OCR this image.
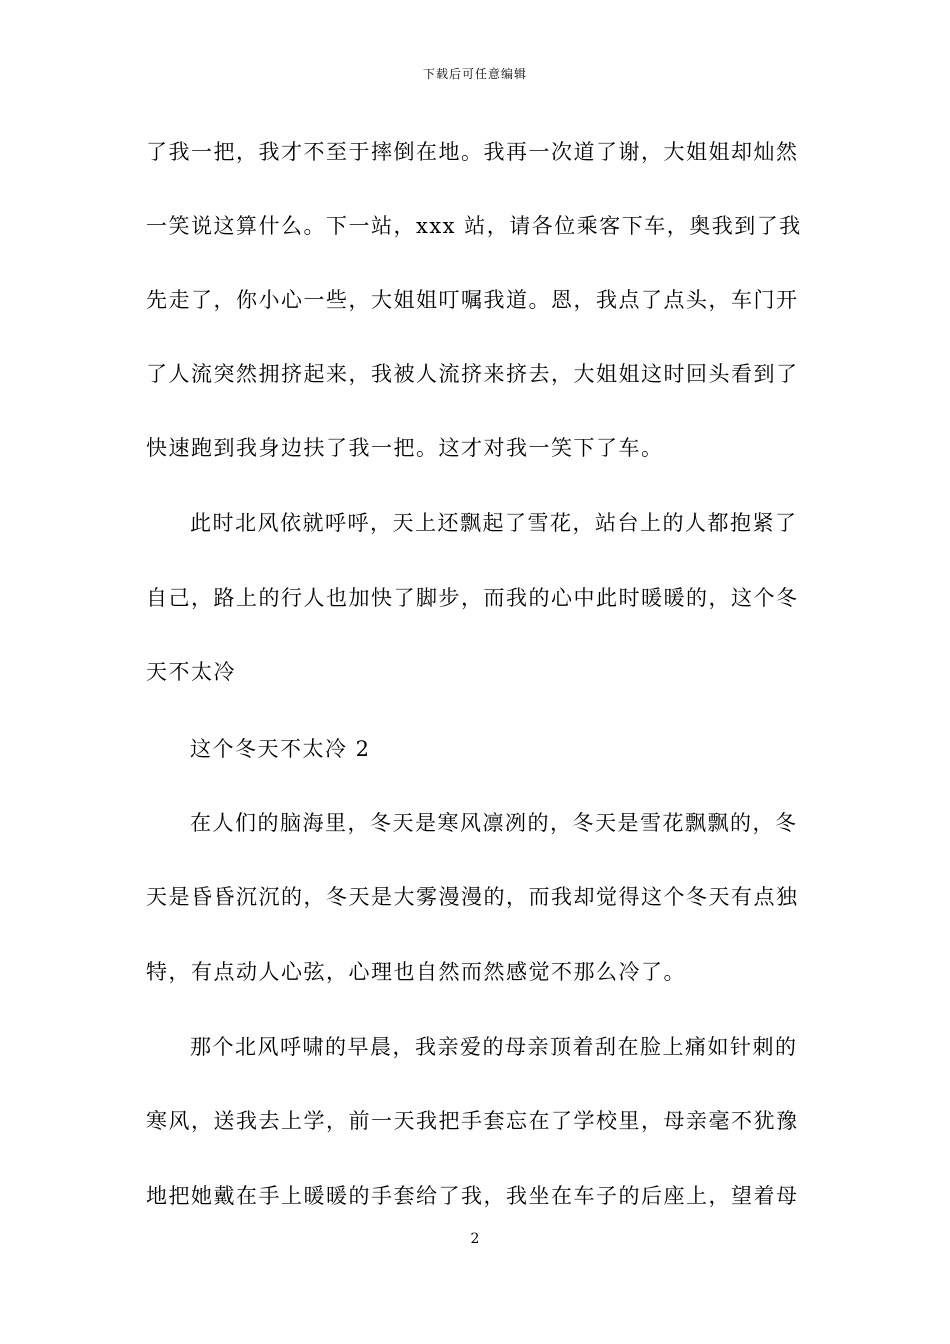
下载后可任意编辑
了我一把，我才不至于摔倒在地。我再一次道了谢，大姐姐却灿然
一笑说这算什么。下一站，xxx 站，请各位乘客下车，奥我到了我
先走了，你小心一些，大姐姐叮嘱我道。恩，我点了点头，车门开
了人流突然拥挤起来，我被人流挤来挤去，大姐姐这时回头看到了
快速跑到我身边扶了我一把。这才对我一笑下了车。
此时北风依就呼呼，天上还飘起了雪花，站台上的人都抱紧了
自己，路上的行人也加快了脚步，而我的心中此时暖暖的，这个冬
天不太冷
这个冬天不太冷 2
在人们的脑海里，冬天是寒风凛冽的，冬天是雪花飘飘的，冬
天是昏昏沉沉的，冬天是大雾漫漫的，而我却觉得这个冬天有点独
特，有点动人心弦，心理也自然而然感觉不那么冷了。
那个北风呼啸的早晨，我亲爱的母亲顶着刮在脸上痛如针刺的
寒风，送我去上学，前一天我把手套忘在了学校里，母亲毫不犹豫
地把她戴在手上暖暖的手套给了我，我坐在车子的后座上，望着母
2
